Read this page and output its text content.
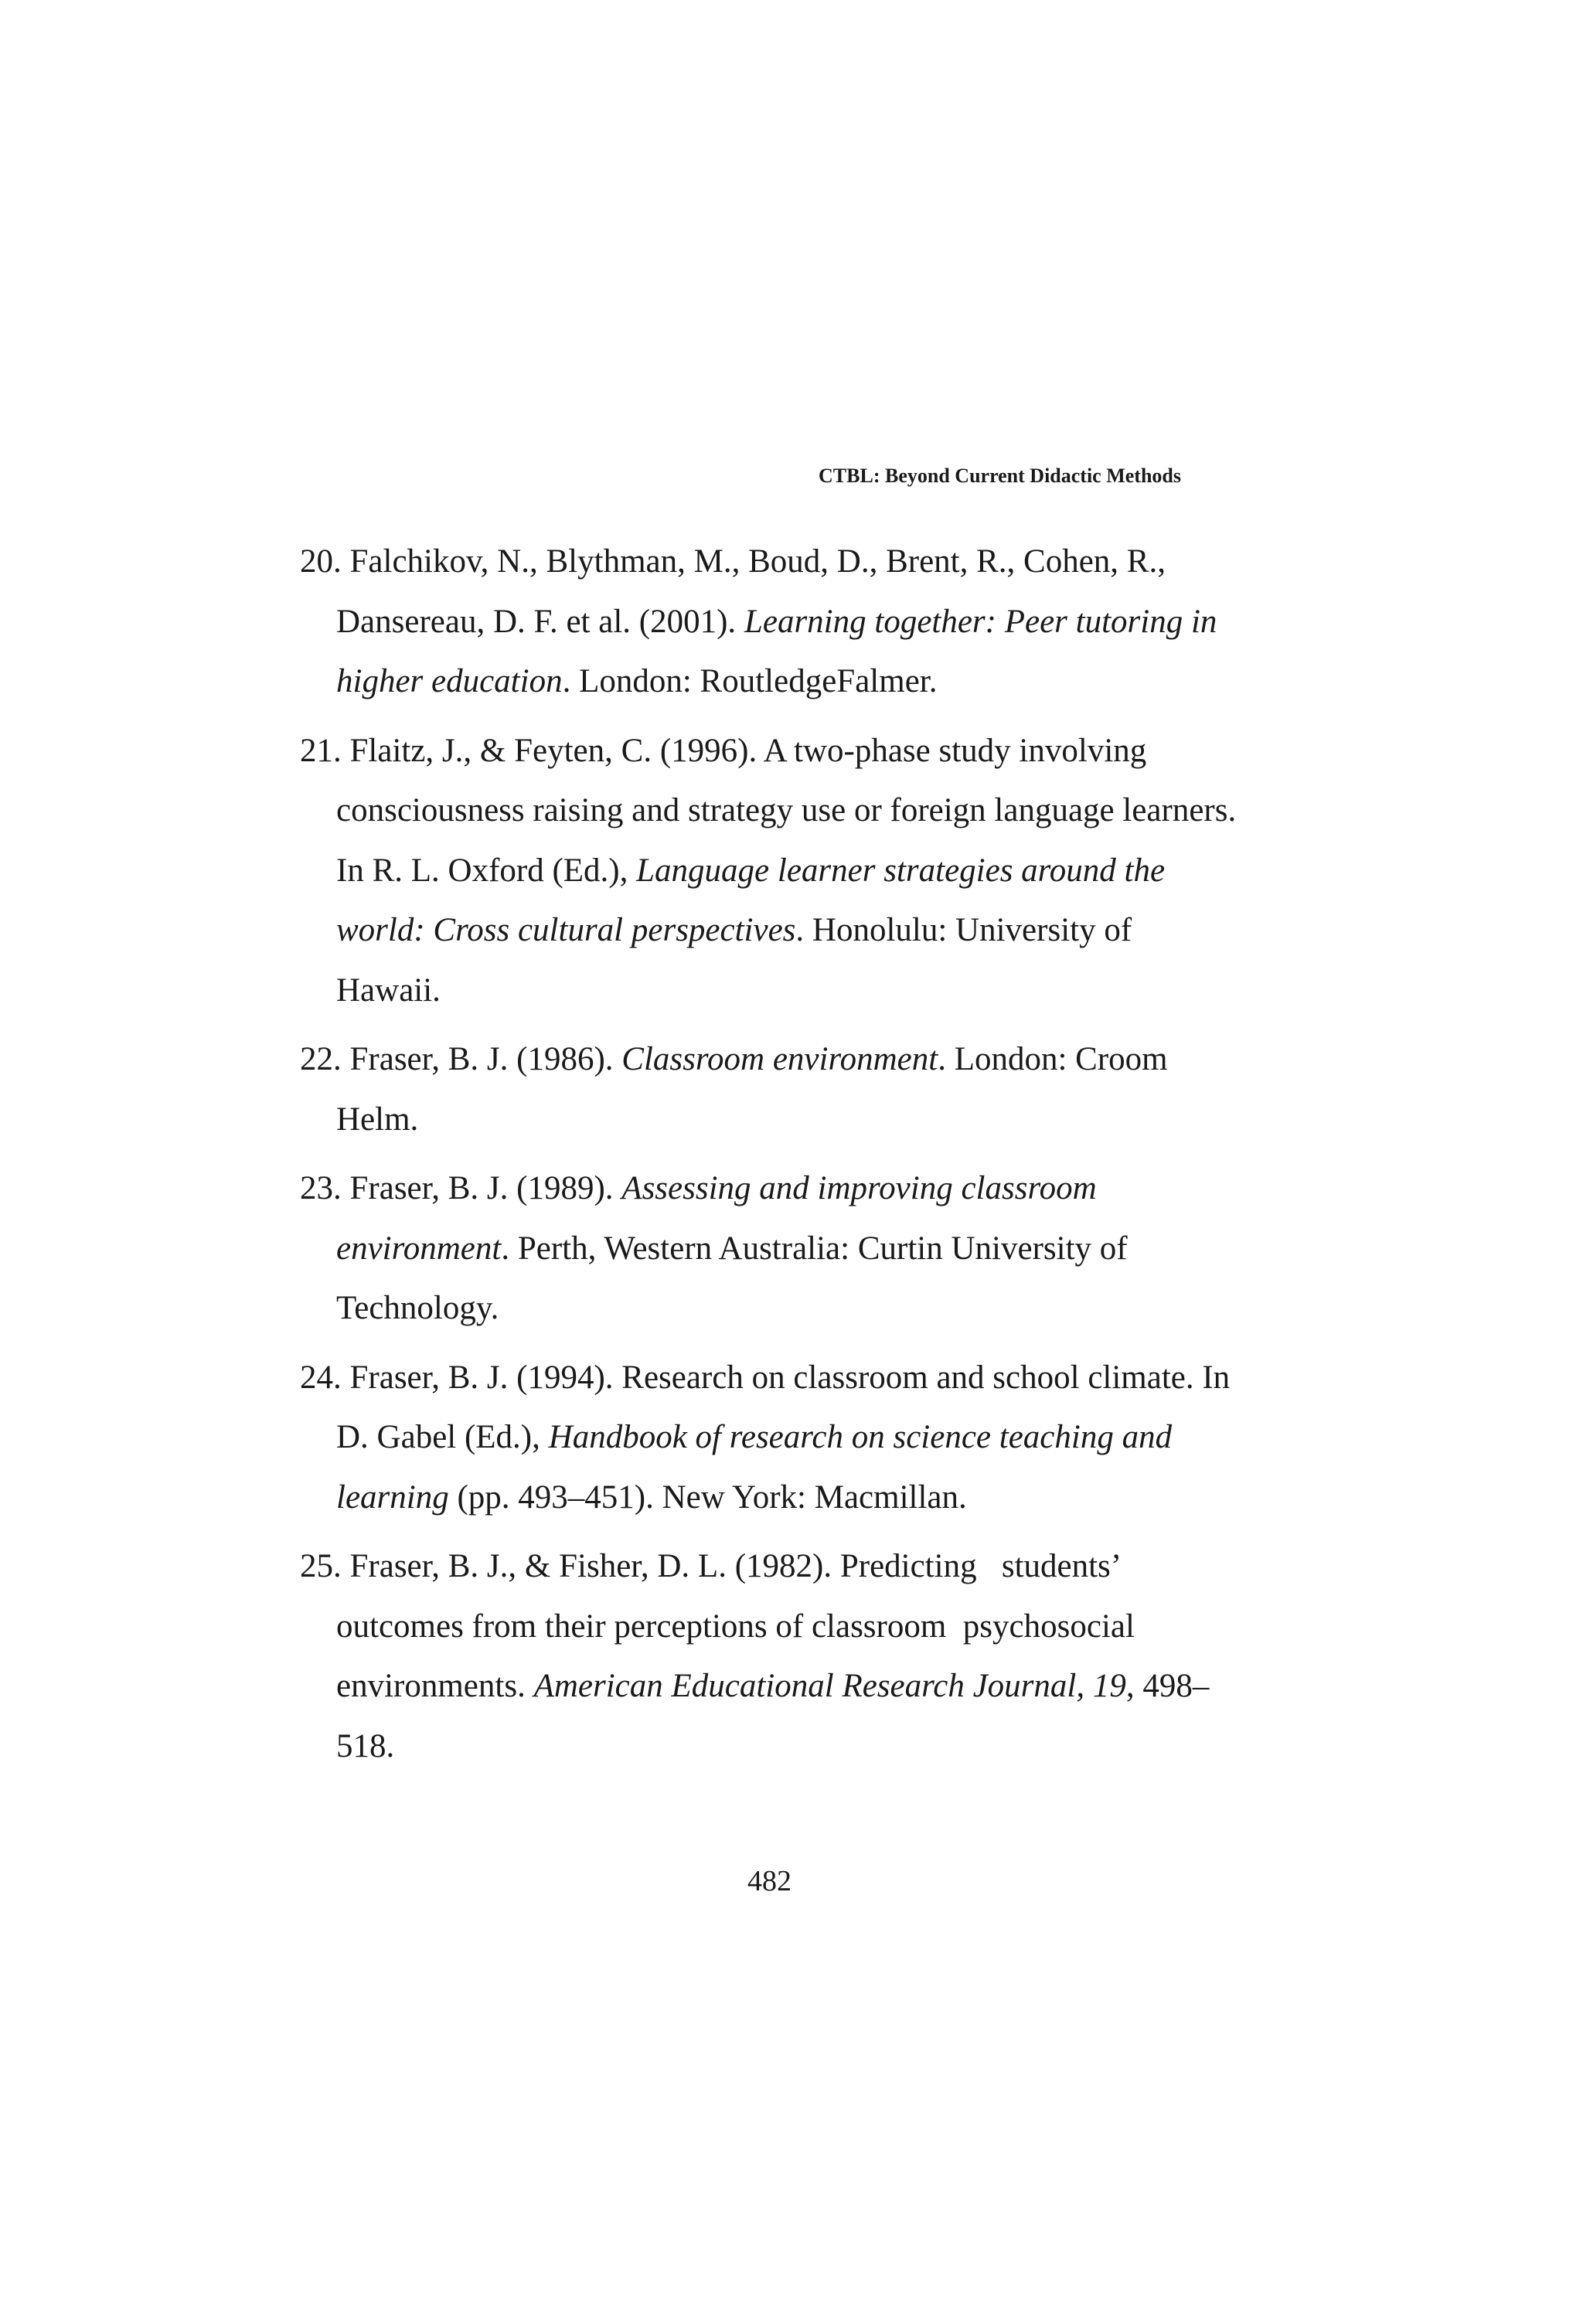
CTBL: Beyond Current Didactic Methods
20. Falchikov, N., Blythman, M., Boud, D., Brent, R., Cohen, R., Dansereau, D. F. et al. (2001). Learning together: Peer tutoring in higher education. London: RoutledgeFalmer.
21. Flaitz, J., & Feyten, C. (1996). A two-phase study involving consciousness raising and strategy use or foreign language learners. In R. L. Oxford (Ed.), Language learner strategies around the world: Cross cultural perspectives. Honolulu: University of Hawaii.
22. Fraser, B. J. (1986). Classroom environment. London: Croom Helm.
23. Fraser, B. J. (1989). Assessing and improving classroom environment. Perth, Western Australia: Curtin University of Technology.
24. Fraser, B. J. (1994). Research on classroom and school climate. In D. Gabel (Ed.), Handbook of research on science teaching and learning (pp. 493–451). New York: Macmillan.
25. Fraser, B. J., & Fisher, D. L. (1982). Predicting   students’ outcomes from their perceptions of classroom  psychosocial environments. American Educational Research Journal, 19, 498–518.
482
